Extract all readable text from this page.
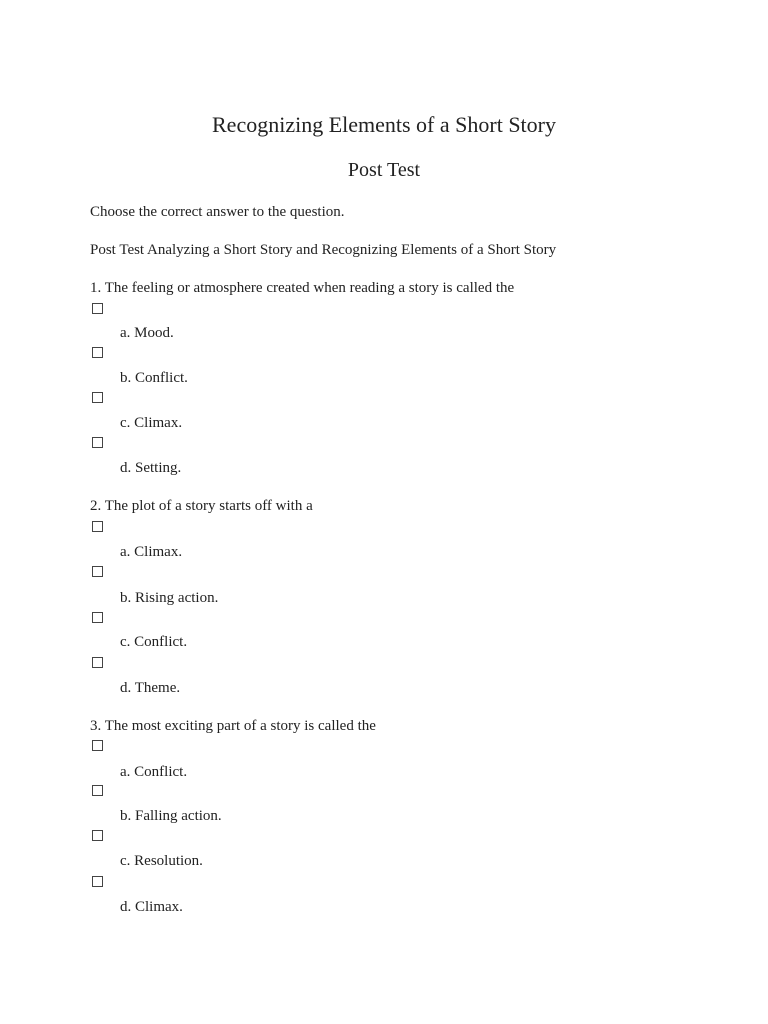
Recognizing Elements of a Short Story
Post Test
Choose the correct answer to the question.
Post Test Analyzing a Short Story and Recognizing Elements of a Short Story
1. The feeling or atmosphere created when reading a story is called the
a. Mood.
b. Conflict.
c. Climax.
d. Setting.
2. The plot of a story starts off with a
a. Climax.
b. Rising action.
c. Conflict.
d. Theme.
3. The most exciting part of a story is called the
a. Conflict.
b. Falling action.
c. Resolution.
d. Climax.
